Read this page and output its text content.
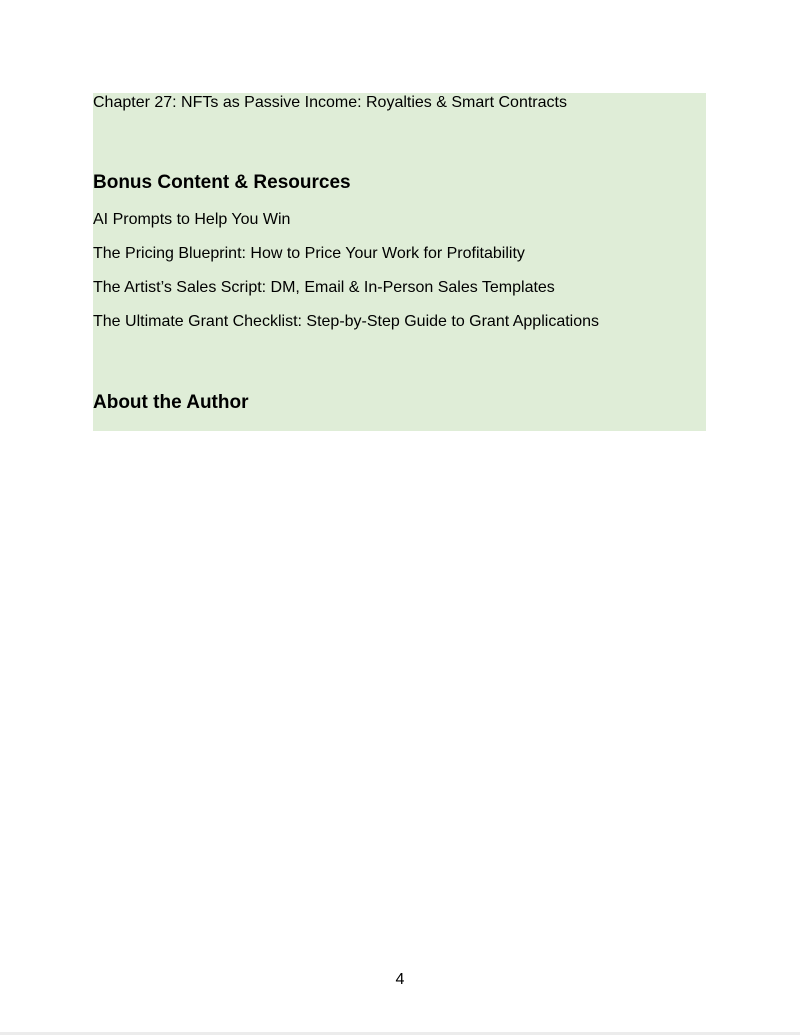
Chapter 27: NFTs as Passive Income: Royalties & Smart Contracts
Bonus Content & Resources
AI Prompts to Help You Win
The Pricing Blueprint: How to Price Your Work for Profitability
The Artist’s Sales Script: DM, Email & In-Person Sales Templates
The Ultimate Grant Checklist: Step-by-Step Guide to Grant Applications
About the Author
4
